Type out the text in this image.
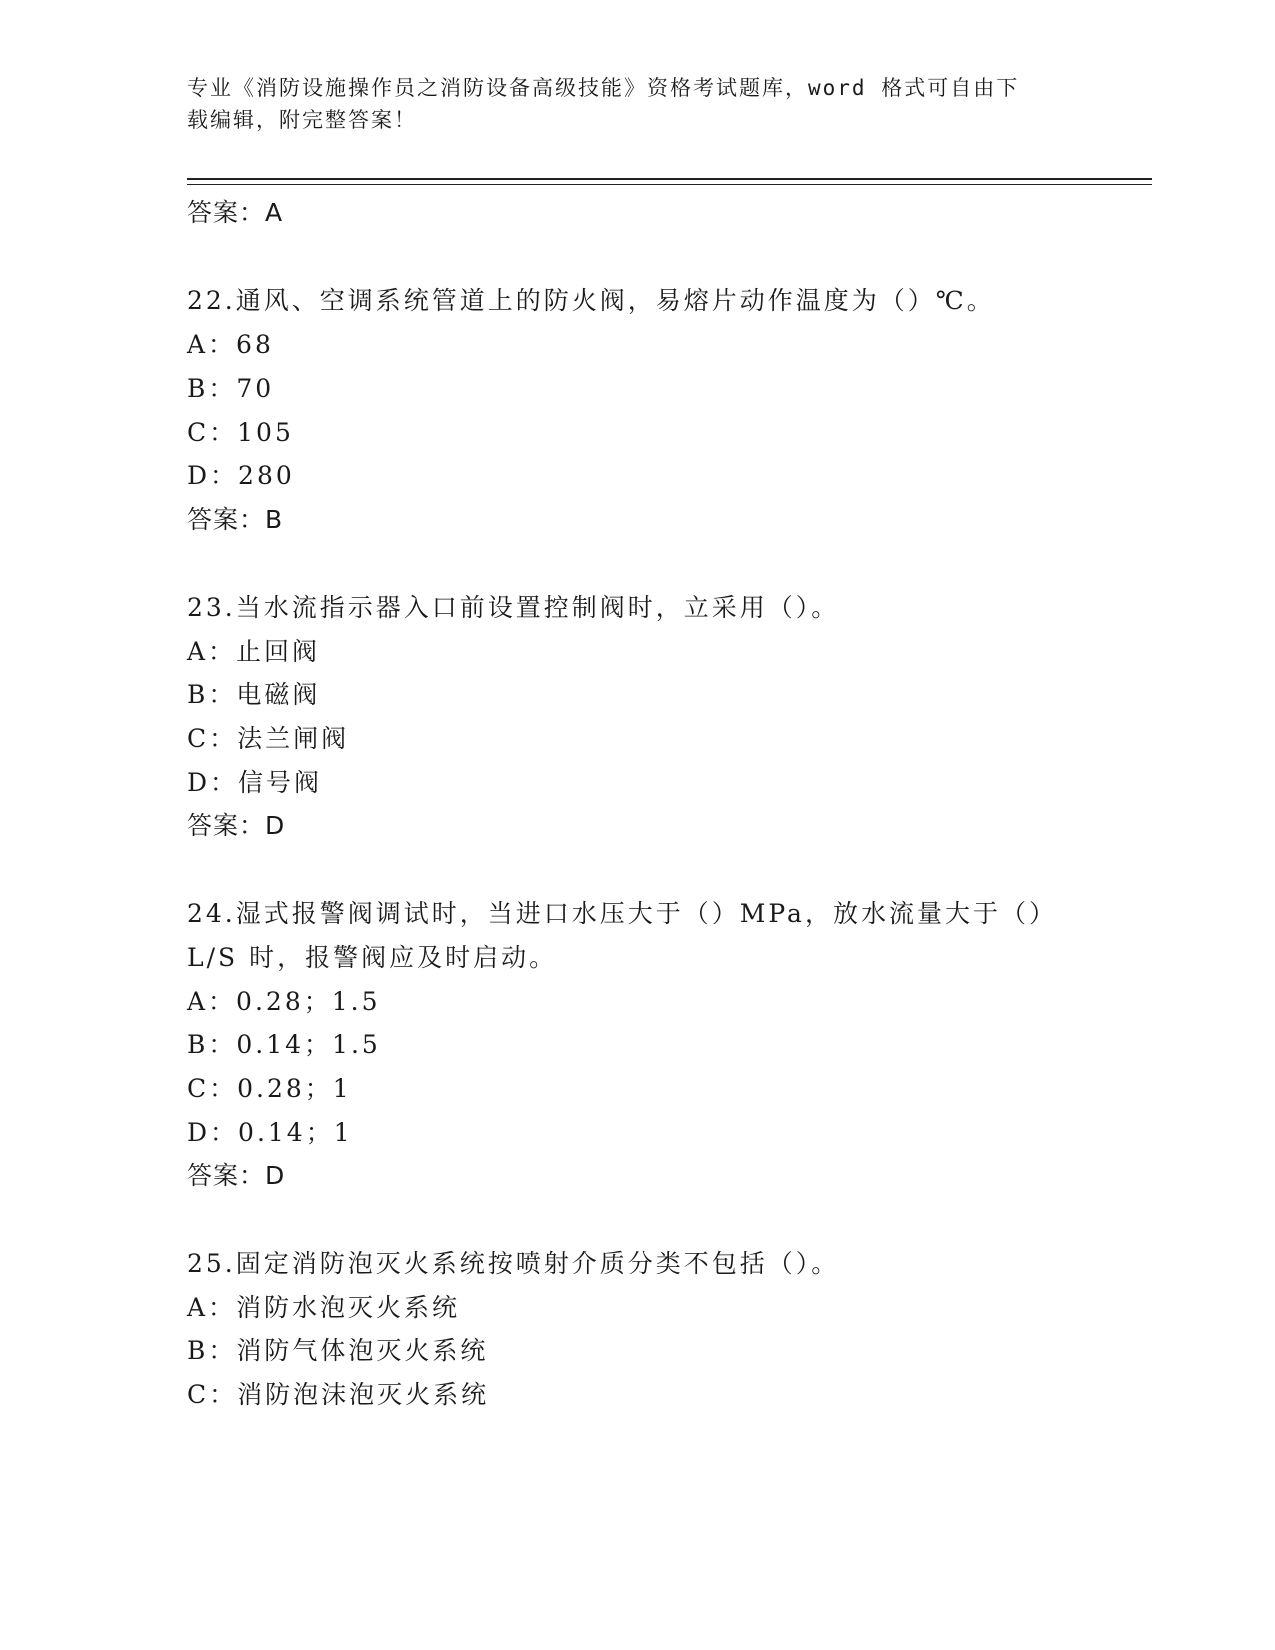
专业《消防设施操作员之消防设备高级技能》资格考试题库，word 格式可自由下
载编辑，附完整答案！
答案：A
22.通风、空调系统管道上的防火阀，易熔片动作温度为（）℃。
A：68
B：70
C：105
D：280
答案：B
23.当水流指示器入口前设置控制阀时，立采用（）。
A：止回阀
B：电磁阀
C：法兰闸阀
D：信号阀
答案：D
24.湿式报警阀调试时，当进口水压大于（）MPa，放水流量大于（）
L/S 时，报警阀应及时启动。
A：0.28；1.5
B：0.14；1.5
C：0.28；1
D：0.14；1
答案：D
25.固定消防泡灭火系统按喷射介质分类不包括（）。
A：消防水泡灭火系统
B：消防气体泡灭火系统
C：消防泡沫泡灭火系统
